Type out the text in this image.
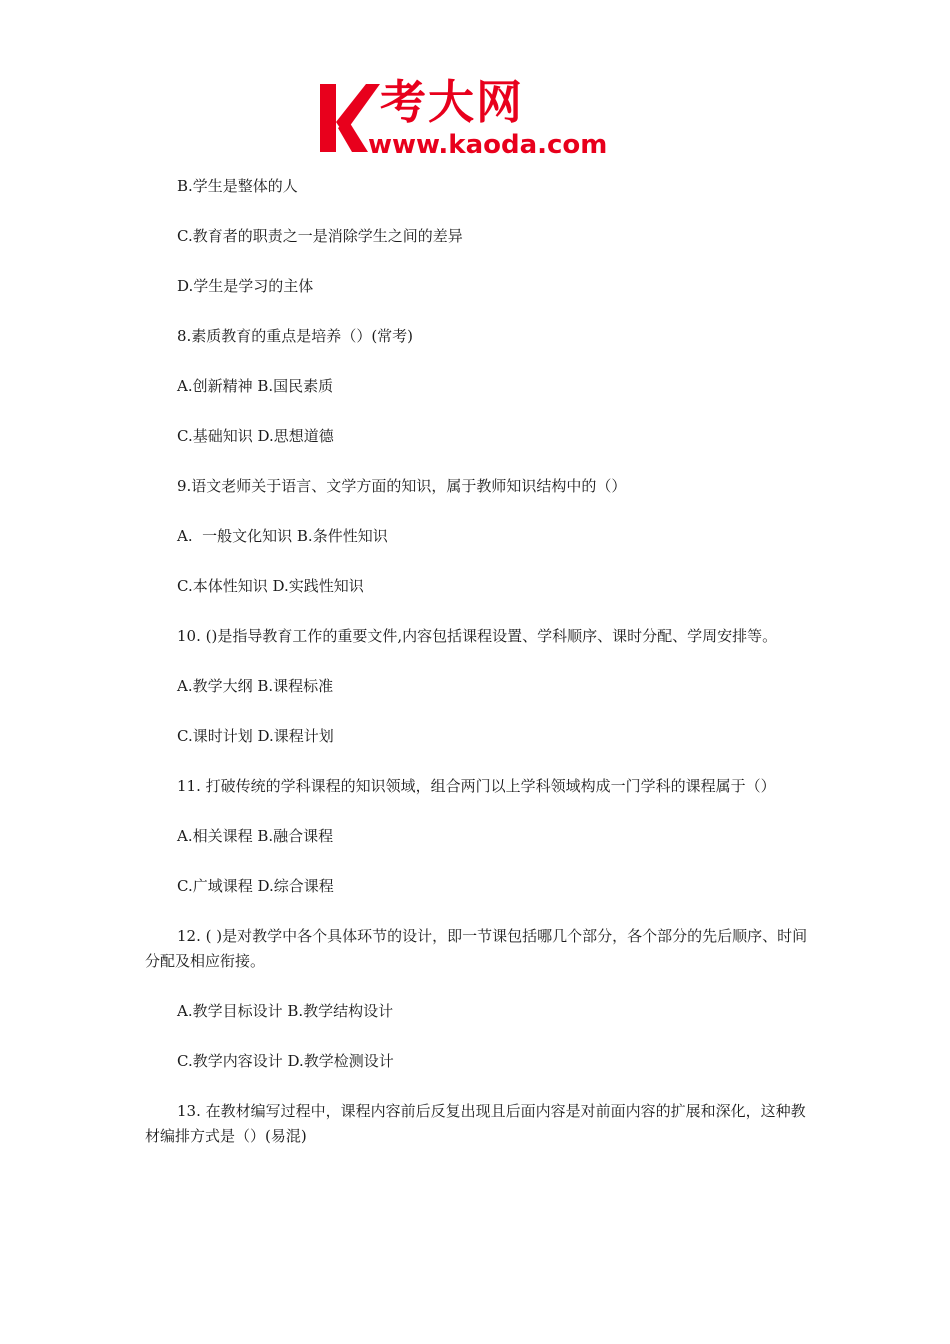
考大网
www.kaoda.com

B.学生是整体的人

C.教育者的职责之一是消除学生之间的差异

D.学生是学习的主体

8.素质教育的重点是培养（）(常考)

A.创新精神 B.国民素质

C.基础知识 D.思想道德

9.语文老师关于语言、文学方面的知识，属于教师知识结构中的（）

A.  一般文化知识 B.条件性知识

C.本体性知识 D.实践性知识

10. ()是指导教育工作的重要文件,内容包括课程设置、学科顺序、课时分配、学周安排等。

A.教学大纲 B.课程标准

C.课时计划 D.课程计划

11. 打破传统的学科课程的知识领域，组合两门以上学科领域构成一门学科的课程属于（）

A.相关课程 B.融合课程

C.广域课程 D.综合课程

12. ( )是对教学中各个具体环节的设计，即一节课包括哪几个部分，各个部分的先后顺序、时间分配及相应衔接。

A.教学目标设计 B.教学结构设计

C.教学内容设计 D.教学检测设计

13. 在教材编写过程中，课程内容前后反复出现且后面内容是对前面内容的扩展和深化，这种教材编排方式是（）(易混)
